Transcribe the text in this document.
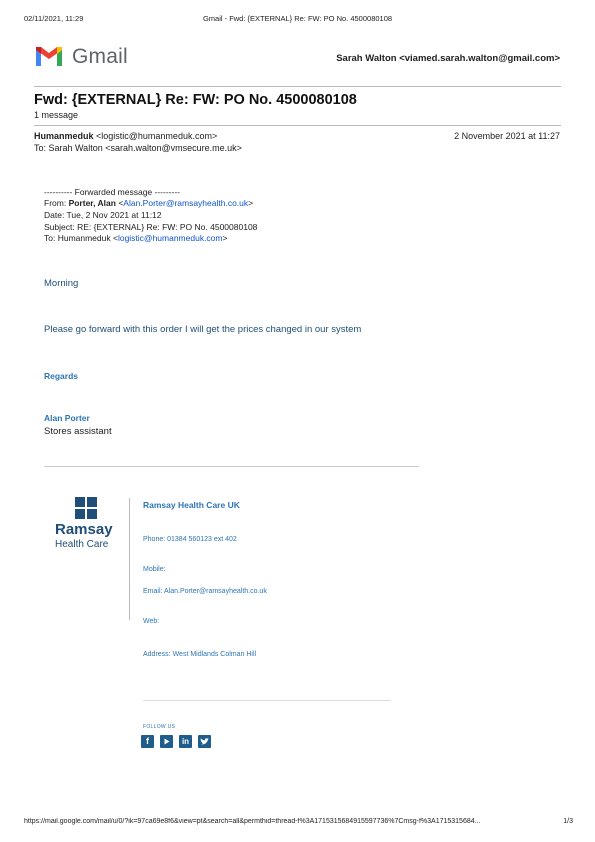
02/11/2021, 11:29	Gmail - Fwd: {EXTERNAL} Re: FW: PO No. 4500080108
Gmail	Sarah Walton <viamed.sarah.walton@gmail.com>
Fwd: {EXTERNAL} Re: FW: PO No. 4500080108
1 message
Humanmeduk <logistic@humanmeduk.com>	2 November 2021 at 11:27
To: Sarah Walton <sarah.walton@vmsecure.me.uk>
---------- Forwarded message ---------
From: Porter, Alan <Alan.Porter@ramsayhealth.co.uk>
Date: Tue, 2 Nov 2021 at 11:12
Subject: RE: {EXTERNAL} Re: FW: PO No. 4500080108
To: Humanmeduk <logistic@humanmeduk.com>
Morning
Please go forward with this order I will get the prices changed in our system
Regards
Alan Porter
Stores assistant
Ramsay
Health Care
Ramsay Health Care UK
Phone: 01384 560123 ext 402
Mobile:
Email: Alan.Porter@ramsayhealth.co.uk
Web:
Address: West Midlands Colman Hill
FOLLOW US
f	in
https://mail.google.com/mail/u/0/?ik=97ca69e8f6&view=pt&search=all&permthid=thread-f%3A1715315684915597736%7Cmsg-f%3A1715315684...	1/3
